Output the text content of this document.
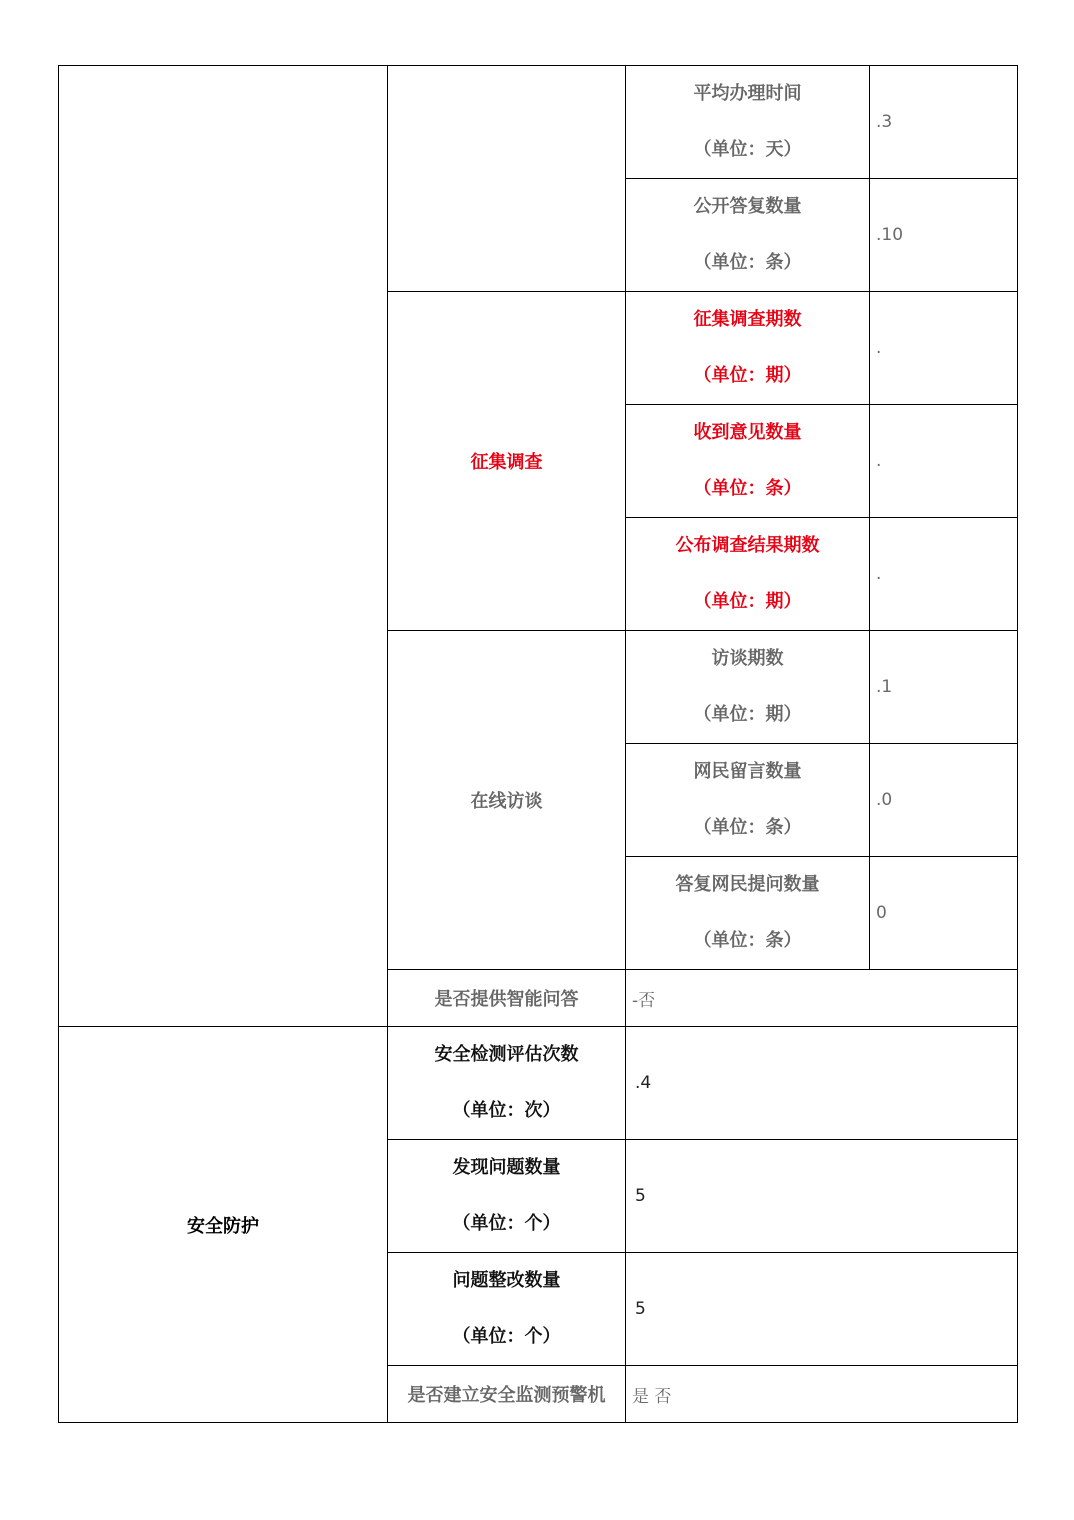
		平均办理时间
（单位：天）	.3

		公开答复数量
（单位：条）	.10
	征集调查	征集调查期数
（单位：期）	.

		收到意见数量
（单位：条）	.

		公布调查结果期数
（单位：期）	.
	在线访谈	访谈期数
（单位：期）	.1

		网民留言数量
（单位：条）	.0

		答复网民提问数量
（单位：条）	0
	是否提供智能问答	-否	
安全防护	安全检测评估次数
（单位：次）	.4	

	发现问题数量
（单位：个）	5	

	问题整改数量
（单位：个）	5	
	是否建立安全监测预警机	是 否	
